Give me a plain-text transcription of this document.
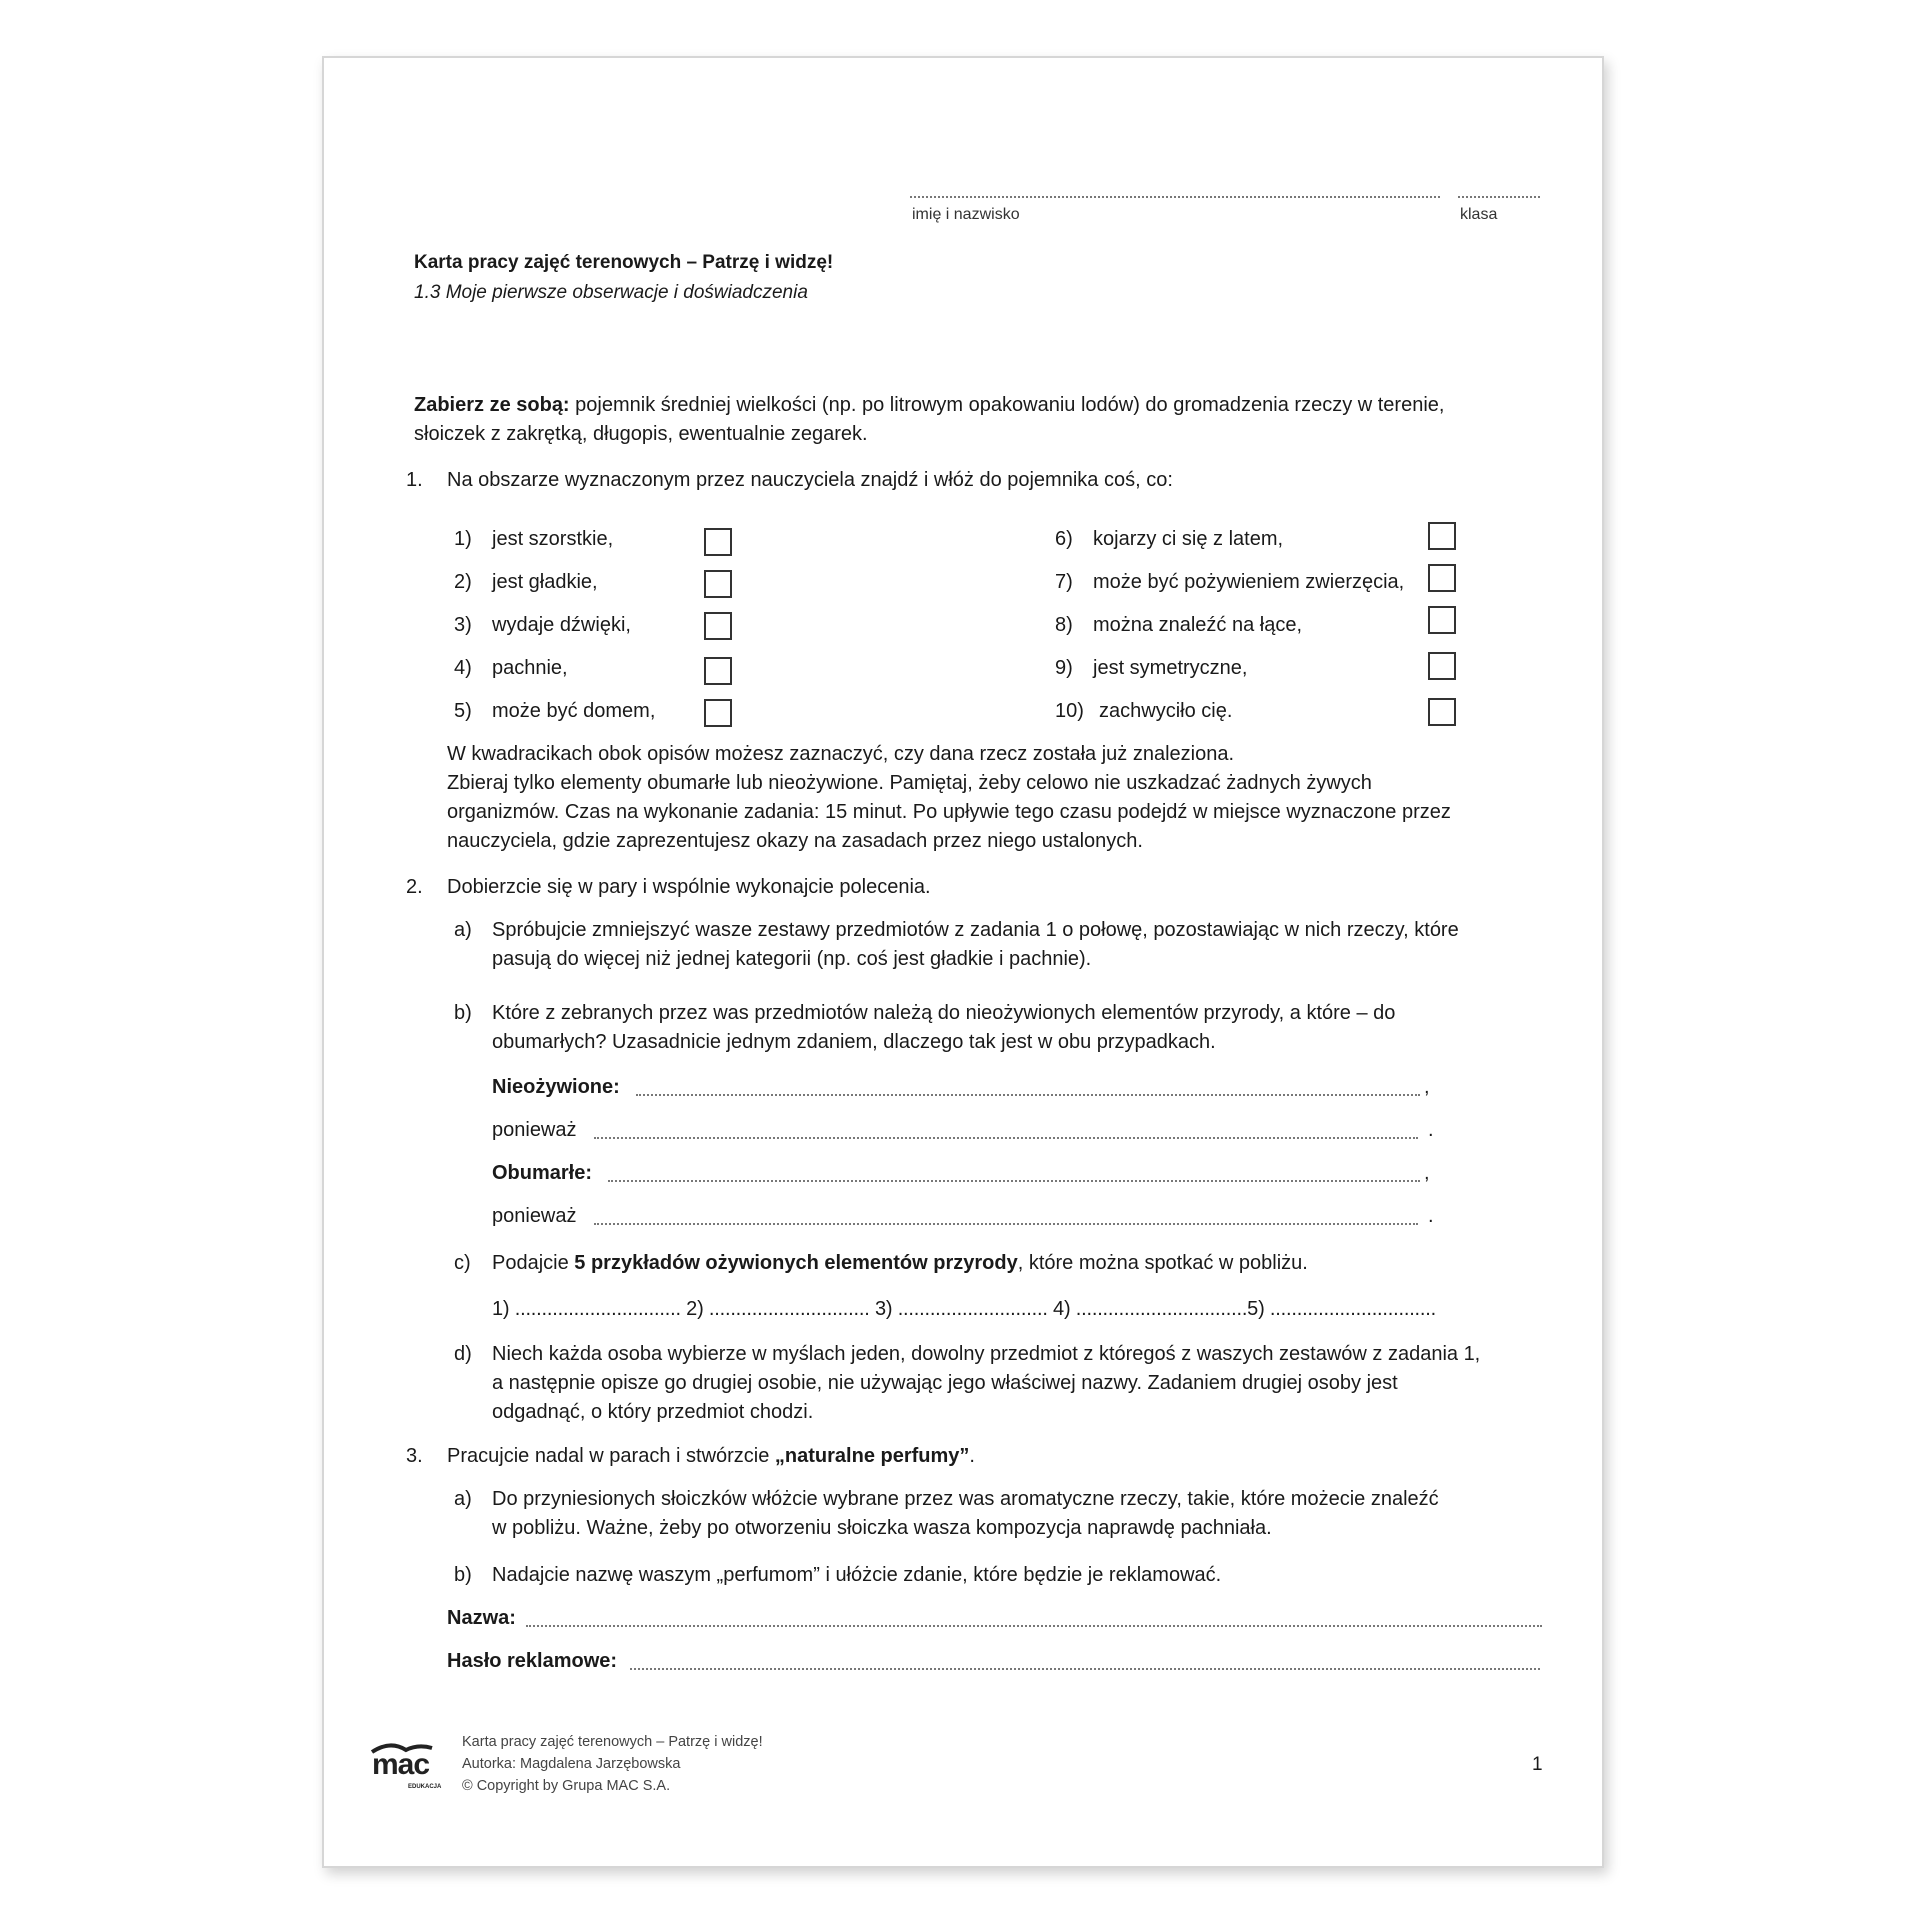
imię i nazwisko	klasa
Karta pracy zajęć terenowych – Patrzę i widzę!
1.3 Moje pierwsze obserwacje i doświadczenia
Zabierz ze sobą: pojemnik średniej wielkości (np. po litrowym opakowaniu lodów) do gromadzenia rzeczy w terenie,
słoiczek z zakrętką, długopis, ewentualnie zegarek.
1. Na obszarze wyznaczonym przez nauczyciela znajdź i włóż do pojemnika coś, co:
1) jest szorstkie,
2) jest gładkie,
3) wydaje dźwięki,
4) pachnie,
5) może być domem,
6) kojarzy ci się z latem,
7) może być pożywieniem zwierzęcia,
8) można znaleźć na łące,
9) jest symetryczne,
10) zachwyciło cię.
W kwadracikach obok opisów możesz zaznaczyć, czy dana rzecz została już znaleziona.
Zbieraj tylko elementy obumarłe lub nieożywione. Pamiętaj, żeby celowo nie uszkadzać żadnych żywych
organizmów. Czas na wykonanie zadania: 15 minut. Po upływie tego czasu podejdź w miejsce wyznaczone przez
nauczyciela, gdzie zaprezentujesz okazy na zasadach przez niego ustalonych.
2. Dobierzcie się w pary i wspólnie wykonajcie polecenia.
a) Spróbujcie zmniejszyć wasze zestawy przedmiotów z zadania 1 o połowę, pozostawiając w nich rzeczy, które
pasują do więcej niż jednej kategorii (np. coś jest gładkie i pachnie).
b) Które z zebranych przez was przedmiotów należą do nieożywionych elementów przyrody, a które – do
obumarłych? Uzasadnicie jednym zdaniem, dlaczego tak jest w obu przypadkach.
Nieożywione:	,
ponieważ	.
Obumarłe:	,
ponieważ	.
c) Podajcie 5 przykładów ożywionych elementów przyrody, które można spotkać w pobliżu.
1) ............................... 2) .............................. 3) ............................ 4) ................................5) ...............................
d) Niech każda osoba wybierze w myślach jeden, dowolny przedmiot z któregoś z waszych zestawów z zadania 1,
a następnie opisze go drugiej osobie, nie używając jego właściwej nazwy. Zadaniem drugiej osoby jest
odgadnąć, o który przedmiot chodzi.
3. Pracujcie nadal w parach i stwórzcie „naturalne perfumy”.
a) Do przyniesionych słoiczków włóżcie wybrane przez was aromatyczne rzeczy, takie, które możecie znaleźć
w pobliżu. Ważne, żeby po otworzeniu słoiczka wasza kompozycja naprawdę pachniała.
b) Nadajcie nazwę waszym „perfumom” i ułóżcie zdanie, które będzie je reklamować.
Nazwa:
Hasło reklamowe:
mac
EDUKACJA
Karta pracy zajęć terenowych – Patrzę i widzę!
Autorka: Magdalena Jarzębowska
© Copyright by Grupa MAC S.A.
1
